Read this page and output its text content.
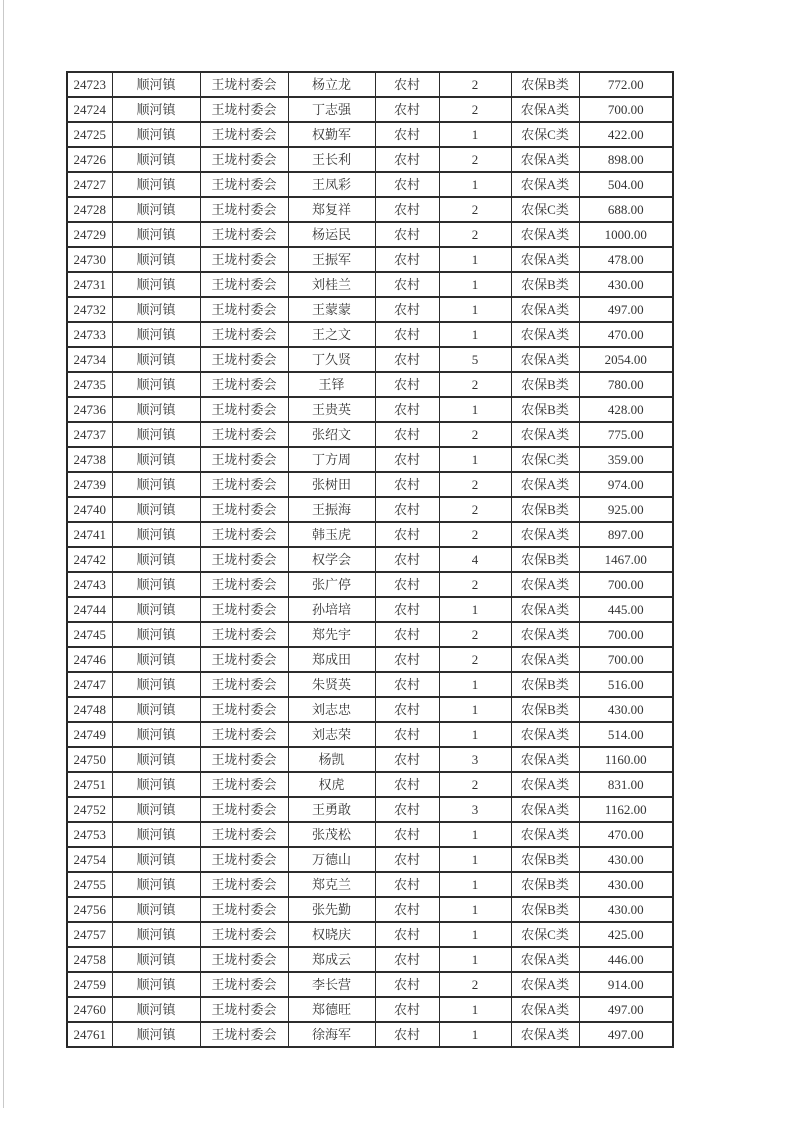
24723	顺河镇	王垅村委会	杨立龙	农村	2	农保B类	772.00
24724	顺河镇	王垅村委会	丁志强	农村	2	农保A类	700.00
24725	顺河镇	王垅村委会	权勤军	农村	1	农保C类	422.00
24726	顺河镇	王垅村委会	王长利	农村	2	农保A类	898.00
24727	顺河镇	王垅村委会	王凤彩	农村	1	农保A类	504.00
24728	顺河镇	王垅村委会	郑复祥	农村	2	农保C类	688.00
24729	顺河镇	王垅村委会	杨运民	农村	2	农保A类	1000.00
24730	顺河镇	王垅村委会	王振军	农村	1	农保A类	478.00
24731	顺河镇	王垅村委会	刘桂兰	农村	1	农保B类	430.00
24732	顺河镇	王垅村委会	王蒙蒙	农村	1	农保A类	497.00
24733	顺河镇	王垅村委会	王之文	农村	1	农保A类	470.00
24734	顺河镇	王垅村委会	丁久贤	农村	5	农保A类	2054.00
24735	顺河镇	王垅村委会	王铎	农村	2	农保B类	780.00
24736	顺河镇	王垅村委会	王贵英	农村	1	农保B类	428.00
24737	顺河镇	王垅村委会	张绍文	农村	2	农保A类	775.00
24738	顺河镇	王垅村委会	丁方周	农村	1	农保C类	359.00
24739	顺河镇	王垅村委会	张树田	农村	2	农保A类	974.00
24740	顺河镇	王垅村委会	王振海	农村	2	农保B类	925.00
24741	顺河镇	王垅村委会	韩玉虎	农村	2	农保A类	897.00
24742	顺河镇	王垅村委会	权学会	农村	4	农保B类	1467.00
24743	顺河镇	王垅村委会	张广停	农村	2	农保A类	700.00
24744	顺河镇	王垅村委会	孙培培	农村	1	农保A类	445.00
24745	顺河镇	王垅村委会	郑先宇	农村	2	农保A类	700.00
24746	顺河镇	王垅村委会	郑成田	农村	2	农保A类	700.00
24747	顺河镇	王垅村委会	朱贤英	农村	1	农保B类	516.00
24748	顺河镇	王垅村委会	刘志忠	农村	1	农保B类	430.00
24749	顺河镇	王垅村委会	刘志荣	农村	1	农保A类	514.00
24750	顺河镇	王垅村委会	杨凯	农村	3	农保A类	1160.00
24751	顺河镇	王垅村委会	权虎	农村	2	农保A类	831.00
24752	顺河镇	王垅村委会	王勇敢	农村	3	农保A类	1162.00
24753	顺河镇	王垅村委会	张茂松	农村	1	农保A类	470.00
24754	顺河镇	王垅村委会	万德山	农村	1	农保B类	430.00
24755	顺河镇	王垅村委会	郑克兰	农村	1	农保B类	430.00
24756	顺河镇	王垅村委会	张先勤	农村	1	农保B类	430.00
24757	顺河镇	王垅村委会	权晓庆	农村	1	农保C类	425.00
24758	顺河镇	王垅村委会	郑成云	农村	1	农保A类	446.00
24759	顺河镇	王垅村委会	李长营	农村	2	农保A类	914.00
24760	顺河镇	王垅村委会	郑德旺	农村	1	农保A类	497.00
24761	顺河镇	王垅村委会	徐海军	农村	1	农保A类	497.00
